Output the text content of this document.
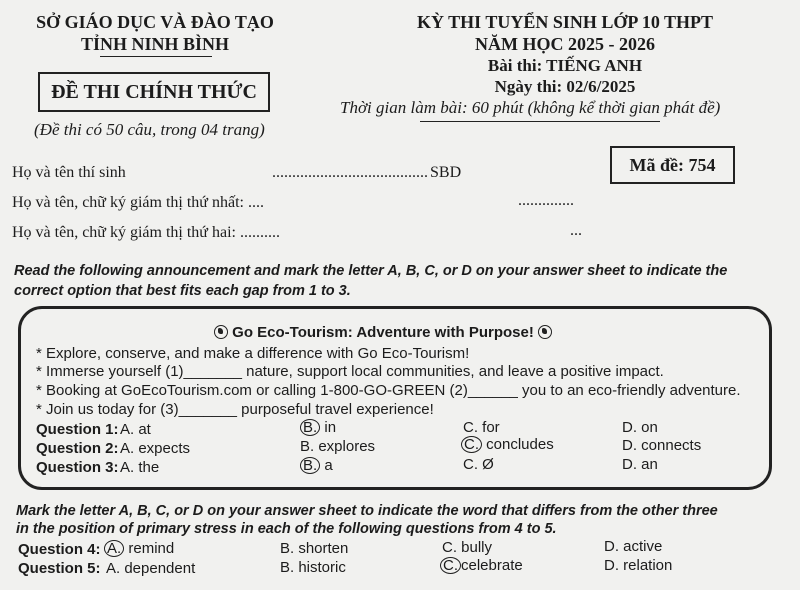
SỞ GIÁO DỤC VÀ ĐÀO TẠO
TỈNH NINH BÌNH
ĐỀ THI CHÍNH THỨC
(Đề thi có 50 câu, trong 04 trang)
KỲ THI TUYỂN SINH LỚP 10 THPT
NĂM HỌC 2025 - 2026
Bài thi: TIẾNG ANH
Ngày thi: 02/6/2025
Thời gian làm bài: 60 phút (không kể thời gian phát đề)
Mã đề: 754
Họ và tên thí sinh	....................................... SBD
Họ và tên, chữ ký giám thị thứ nhất: ....	..............
Họ và tên, chữ ký giám thị thứ hai: ..........	...
Read the following announcement and mark the letter A, B, C, or D on your answer sheet to indicate the
correct option that best fits each gap from 1 to 3.
Go Eco-Tourism: Adventure with Purpose!
* Explore, conserve, and make a difference with Go Eco-Tourism!
* Immerse yourself (1)_______ nature, support local communities, and leave a positive impact.
* Booking at GoEcoTourism.com or calling 1-800-GO-GREEN (2)______ you to an eco-friendly adventure.
* Join us today for (3)_______ purposeful travel experience!
Question 1: A. at	B. in	C. for	D. on
Question 2: A. expects	B. explores	C. concludes	D. connects
Question 3: A. the	B. a	C. Ø	D. an
Mark the letter A, B, C, or D on your answer sheet to indicate the word that differs from the other three
in the position of primary stress in each of the following questions from 4 to 5.
Question 4: A. remind	B. shorten	C. bully	D. active
Question 5: A. dependent	B. historic	C. celebrate	D. relation
